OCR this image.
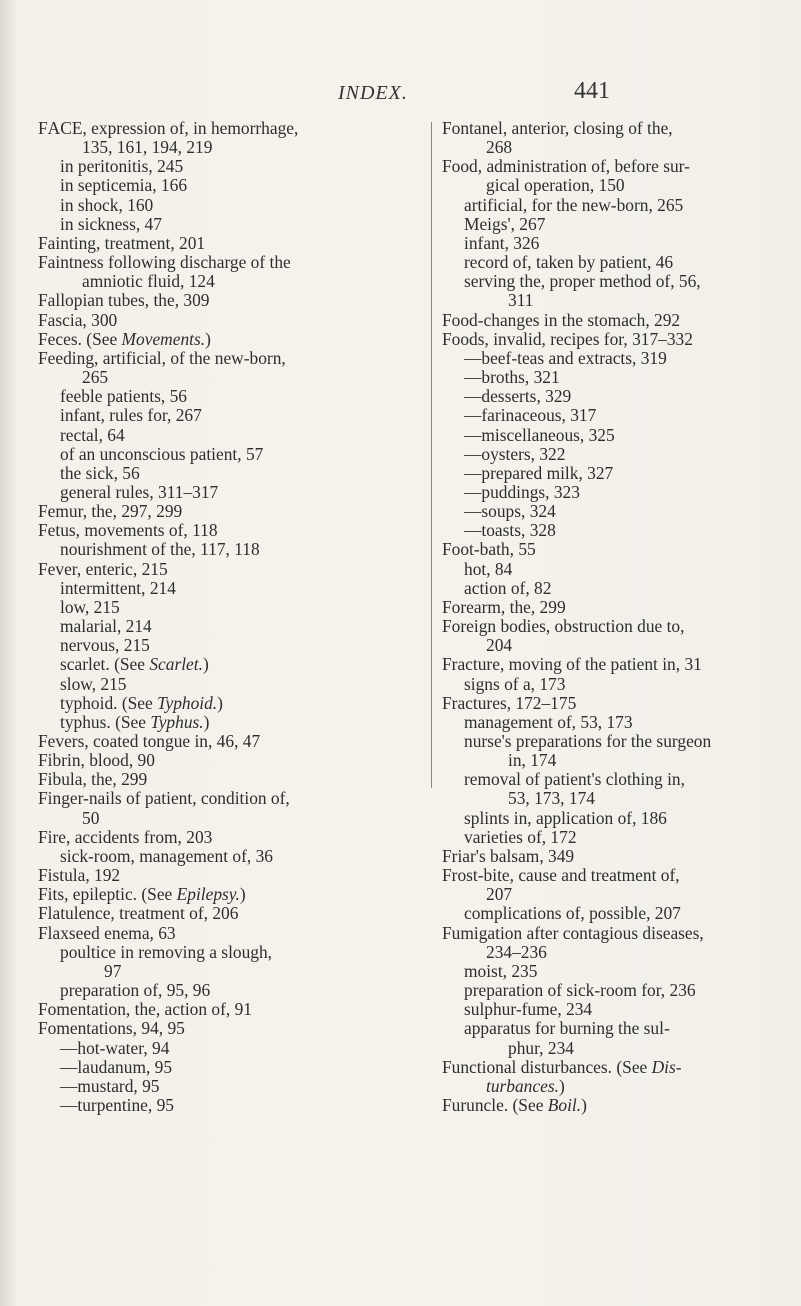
INDEX.	441

FACE, expression of, in hemorrhage,
135, 161, 194, 219

in peritonitis, 245

in septicemia, 166

in shock, 160

in sickness, 47

Fainting, treatment, 201

Faintness following discharge of the
amniotic fluid, 124

Fallopian tubes, the, 309

Fascia, 300

Feces. (See Movements.)

Feeding, artificial, of the new-born,
265

feeble patients, 56

infant, rules for, 267

rectal, 64

of an unconscious patient, 57

the sick, 56

general rules, 311–317

Femur, the, 297, 299

Fetus, movements of, 118

nourishment of the, 117, 118

Fever, enteric, 215

intermittent, 214

low, 215

malarial, 214

nervous, 215

scarlet. (See Scarlet.)

slow, 215

typhoid. (See Typhoid.)

typhus. (See Typhus.)

Fevers, coated tongue in, 46, 47

Fibrin, blood, 90

Fibula, the, 299

Finger-nails of patient, condition of,
50

Fire, accidents from, 203

sick-room, management of, 36

Fistula, 192

Fits, epileptic. (See Epilepsy.)

Flatulence, treatment of, 206

Flaxseed enema, 63

poultice in removing a slough,
97

preparation of, 95, 96

Fomentation, the, action of, 91

Fomentations, 94, 95

—hot-water, 94

—laudanum, 95

—mustard, 95

—turpentine, 95

Fontanel, anterior, closing of the,
268

Food, administration of, before sur-
gical operation, 150

artificial, for the new-born, 265

Meigs', 267

infant, 326

record of, taken by patient, 46

serving the, proper method of, 56,
311

Food-changes in the stomach, 292

Foods, invalid, recipes for, 317–332

—beef-teas and extracts, 319

—broths, 321

—desserts, 329

—farinaceous, 317

—miscellaneous, 325

—oysters, 322

—prepared milk, 327

—puddings, 323

—soups, 324

—toasts, 328

Foot-bath, 55

hot, 84

action of, 82

Forearm, the, 299

Foreign bodies, obstruction due to,
204

Fracture, moving of the patient in, 31

signs of a, 173

Fractures, 172–175

management of, 53, 173

nurse's preparations for the surgeon
in, 174

removal of patient's clothing in,
53, 173, 174

splints in, application of, 186

varieties of, 172

Friar's balsam, 349

Frost-bite, cause and treatment of,
207

complications of, possible, 207

Fumigation after contagious diseases,
234–236

moist, 235

preparation of sick-room for, 236

sulphur-fume, 234

apparatus for burning the sul-
phur, 234

Functional disturbances. (See Dis-
turbances.)

Furuncle. (See Boil.)
